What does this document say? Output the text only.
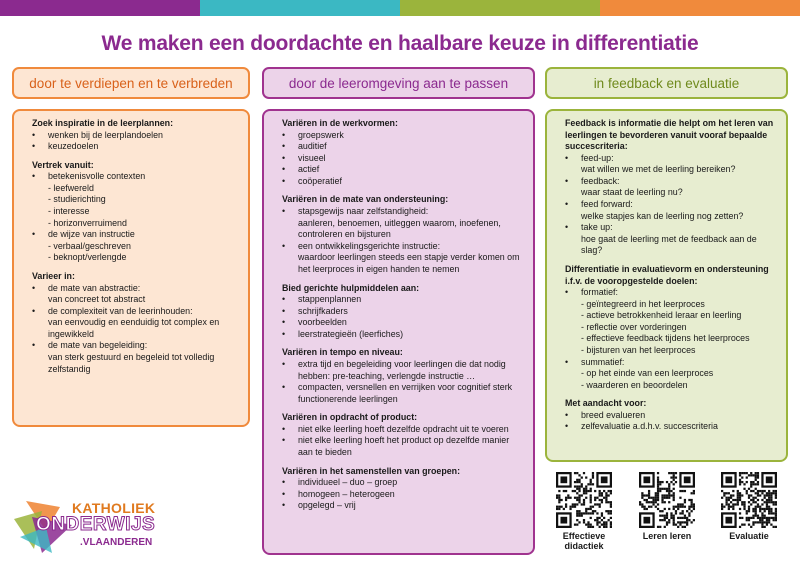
We maken een doordachte en haalbare keuze in differentiatie
door te verdiepen en te verbreden	door de leeromgeving aan te passen	in feedback en evaluatie
Zoek inspiratie in de leerplannen:
• wenken bij de leerplandoelen
• keuzedoelen
Vertrek vanuit:
• betekenisvolle contexten
- leefwereld
- studierichting
- interesse
- horizonverruimend
• de wijze van instructie
- verbaal/geschreven
- beknopt/verlengde
Varieer in:
• de mate van abstractie:
van concreet tot abstract
• de complexiteit van de leerinhouden:
van eenvoudig en eenduidig tot complex en ingewikkeld
• de mate van begeleiding:
van sterk gestuurd en begeleid tot volledig zelfstandig
Variëren in de werkvormen:
• groepswerk
• auditief
• visueel
• actief
• coöperatief
Variëren in de mate van ondersteuning:
• stapsgewijs naar zelfstandigheid:
aanleren, benoemen, uitleggen waarom, inoefenen, controleren en bijsturen
• een ontwikkelingsgerichte instructie:
waardoor leerlingen steeds een stapje verder komen om het leerproces in eigen handen te nemen
Bied gerichte hulpmiddelen aan:
• stappenplannen
• schrijfkaders
• voorbeelden
• leerstrategieën (leerfiches)
Variëren in tempo en niveau:
• extra tijd en begeleiding voor leerlingen die dat nodig hebben: pre-teaching, verlengde instructie …
• compacten, versnellen en verrijken voor cognitief sterk functionerende leerlingen
Variëren in opdracht of product:
• niet elke leerling hoeft dezelfde opdracht uit te voeren
• niet elke leerling hoeft het product op dezelfde manier aan te bieden
Variëren in het samenstellen van groepen:
• individueel – duo – groep
• homogeen – heterogeen
• opgelegd – vrij
Feedback is informatie die helpt om het leren van leerlingen te bevorderen vanuit vooraf bepaalde succescriteria:
• feed-up:
wat willen we met de leerling bereiken?
• feedback:
waar staat de leerling nu?
• feed forward:
welke stapjes kan de leerling nog zetten?
• take up:
hoe gaat de leerling met de feedback aan de slag?
Differentiatie in evaluatievorm en ondersteuning i.f.v. de vooropgestelde doelen:
• formatief:
- geïntegreerd in het leerproces
- actieve betrokkenheid leraar en leerling
- reflectie over vorderingen
- effectieve feedback tijdens het leerproces
- bijsturen van het leerproces
• summatief:
- op het einde van een leerproces
- waarderen en beoordelen
Met aandacht voor:
• breed evalueren
• zelfevaluatie a.d.h.v. succescriteria
Effectieve didactiek
Leren leren	Evaluatie
KATHOLIEK
ONDERWIJS
.VLAANDEREN
